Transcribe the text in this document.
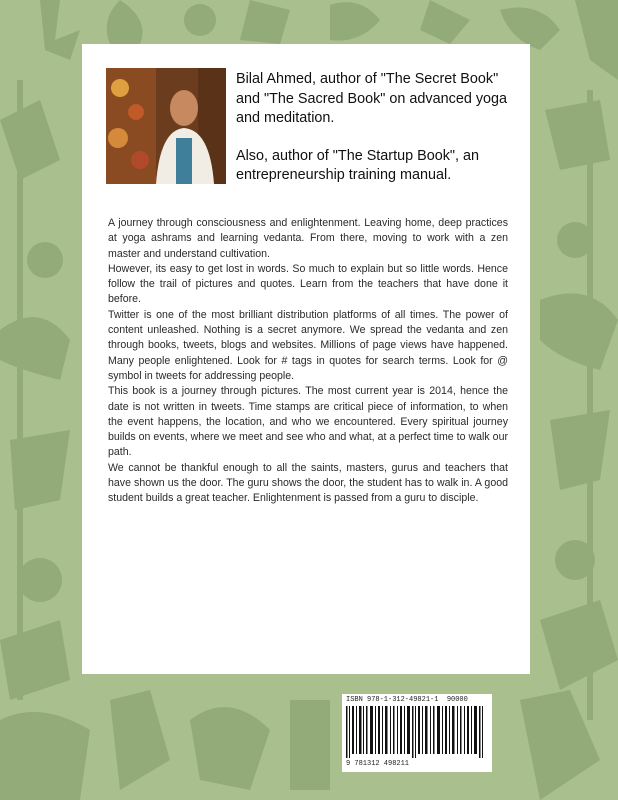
Bilal Ahmed, author of "The Secret Book" and "The Sacred Book" on advanced yoga and meditation.

Also, author of "The Startup Book", an entrepreneurship training manual.

A journey through consciousness and enlightenment. Leaving home, deep practices at yoga ashrams and learning vedanta. From there, moving to work with a zen master and understand cultivation.

However, its easy to get lost in words. So much to explain but so little words. Hence follow the trail of pictures and quotes. Learn from the teachers that have done it before.

Twitter is one of the most brilliant distribution platforms of all times. The power of content unleashed. Nothing is a secret anymore. We spread the vedanta and zen through books, tweets, blogs and websites. Millions of page views have happened. Many people enlightened. Look for # tags in quotes for search terms. Look for @ symbol in tweets for addressing people.

This book is a journey through pictures. The most current year is 2014, hence the date is not written in tweets. Time stamps are critical piece of information, to when the event happens, the location, and who we encountered. Every spiritual journey builds on events, where we meet and see who and what, at a perfect time to walk our path.

We cannot be thankful enough to all the saints, masters, gurus and teachers that have shown us the door. The guru shows the door, the student has to walk in. A good student builds a great teacher. Enlightenment is passed from a guru to disciple.

ISBN 978-1-312-49821-1 90000
9 781312 498211
